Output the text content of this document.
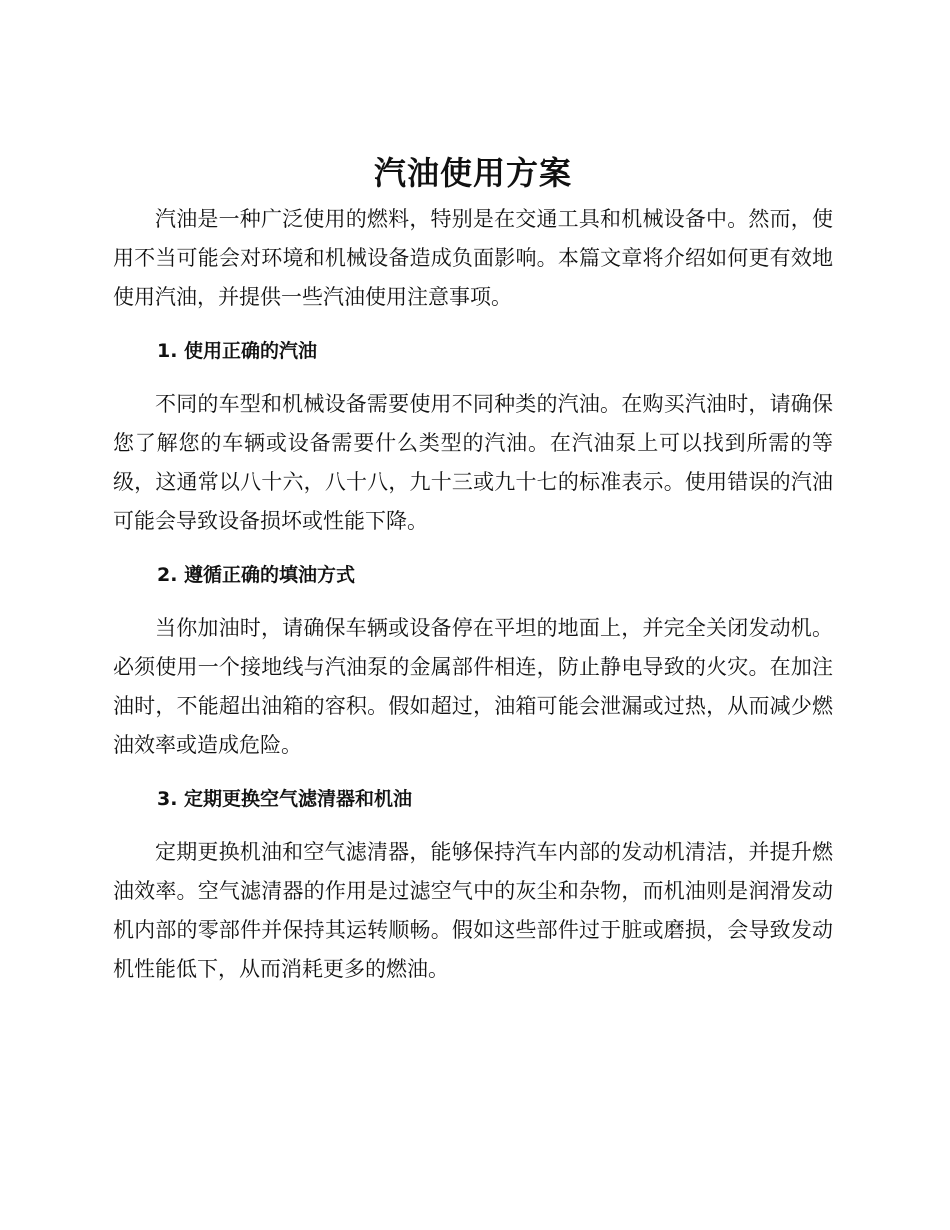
汽油使用方案

汽油是一种广泛使用的燃料，特别是在交通工具和机械设备中。然而，使用不当可能会对环境和机械设备造成负面影响。本篇文章将介绍如何更有效地使用汽油，并提供一些汽油使用注意事项。

1. 使用正确的汽油

不同的车型和机械设备需要使用不同种类的汽油。在购买汽油时，请确保您了解您的车辆或设备需要什么类型的汽油。在汽油泵上可以找到所需的等级，这通常以八十六，八十八，九十三或九十七的标准表示。使用错误的汽油可能会导致设备损坏或性能下降。

2. 遵循正确的填油方式

当你加油时，请确保车辆或设备停在平坦的地面上，并完全关闭发动机。必须使用一个接地线与汽油泵的金属部件相连，防止静电导致的火灾。在加注油时，不能超出油箱的容积。假如超过，油箱可能会泄漏或过热，从而减少燃油效率或造成危险。

3. 定期更换空气滤清器和机油

定期更换机油和空气滤清器，能够保持汽车内部的发动机清洁，并提升燃油效率。空气滤清器的作用是过滤空气中的灰尘和杂物，而机油则是润滑发动机内部的零部件并保持其运转顺畅。假如这些部件过于脏或磨损，会导致发动机性能低下，从而消耗更多的燃油。
